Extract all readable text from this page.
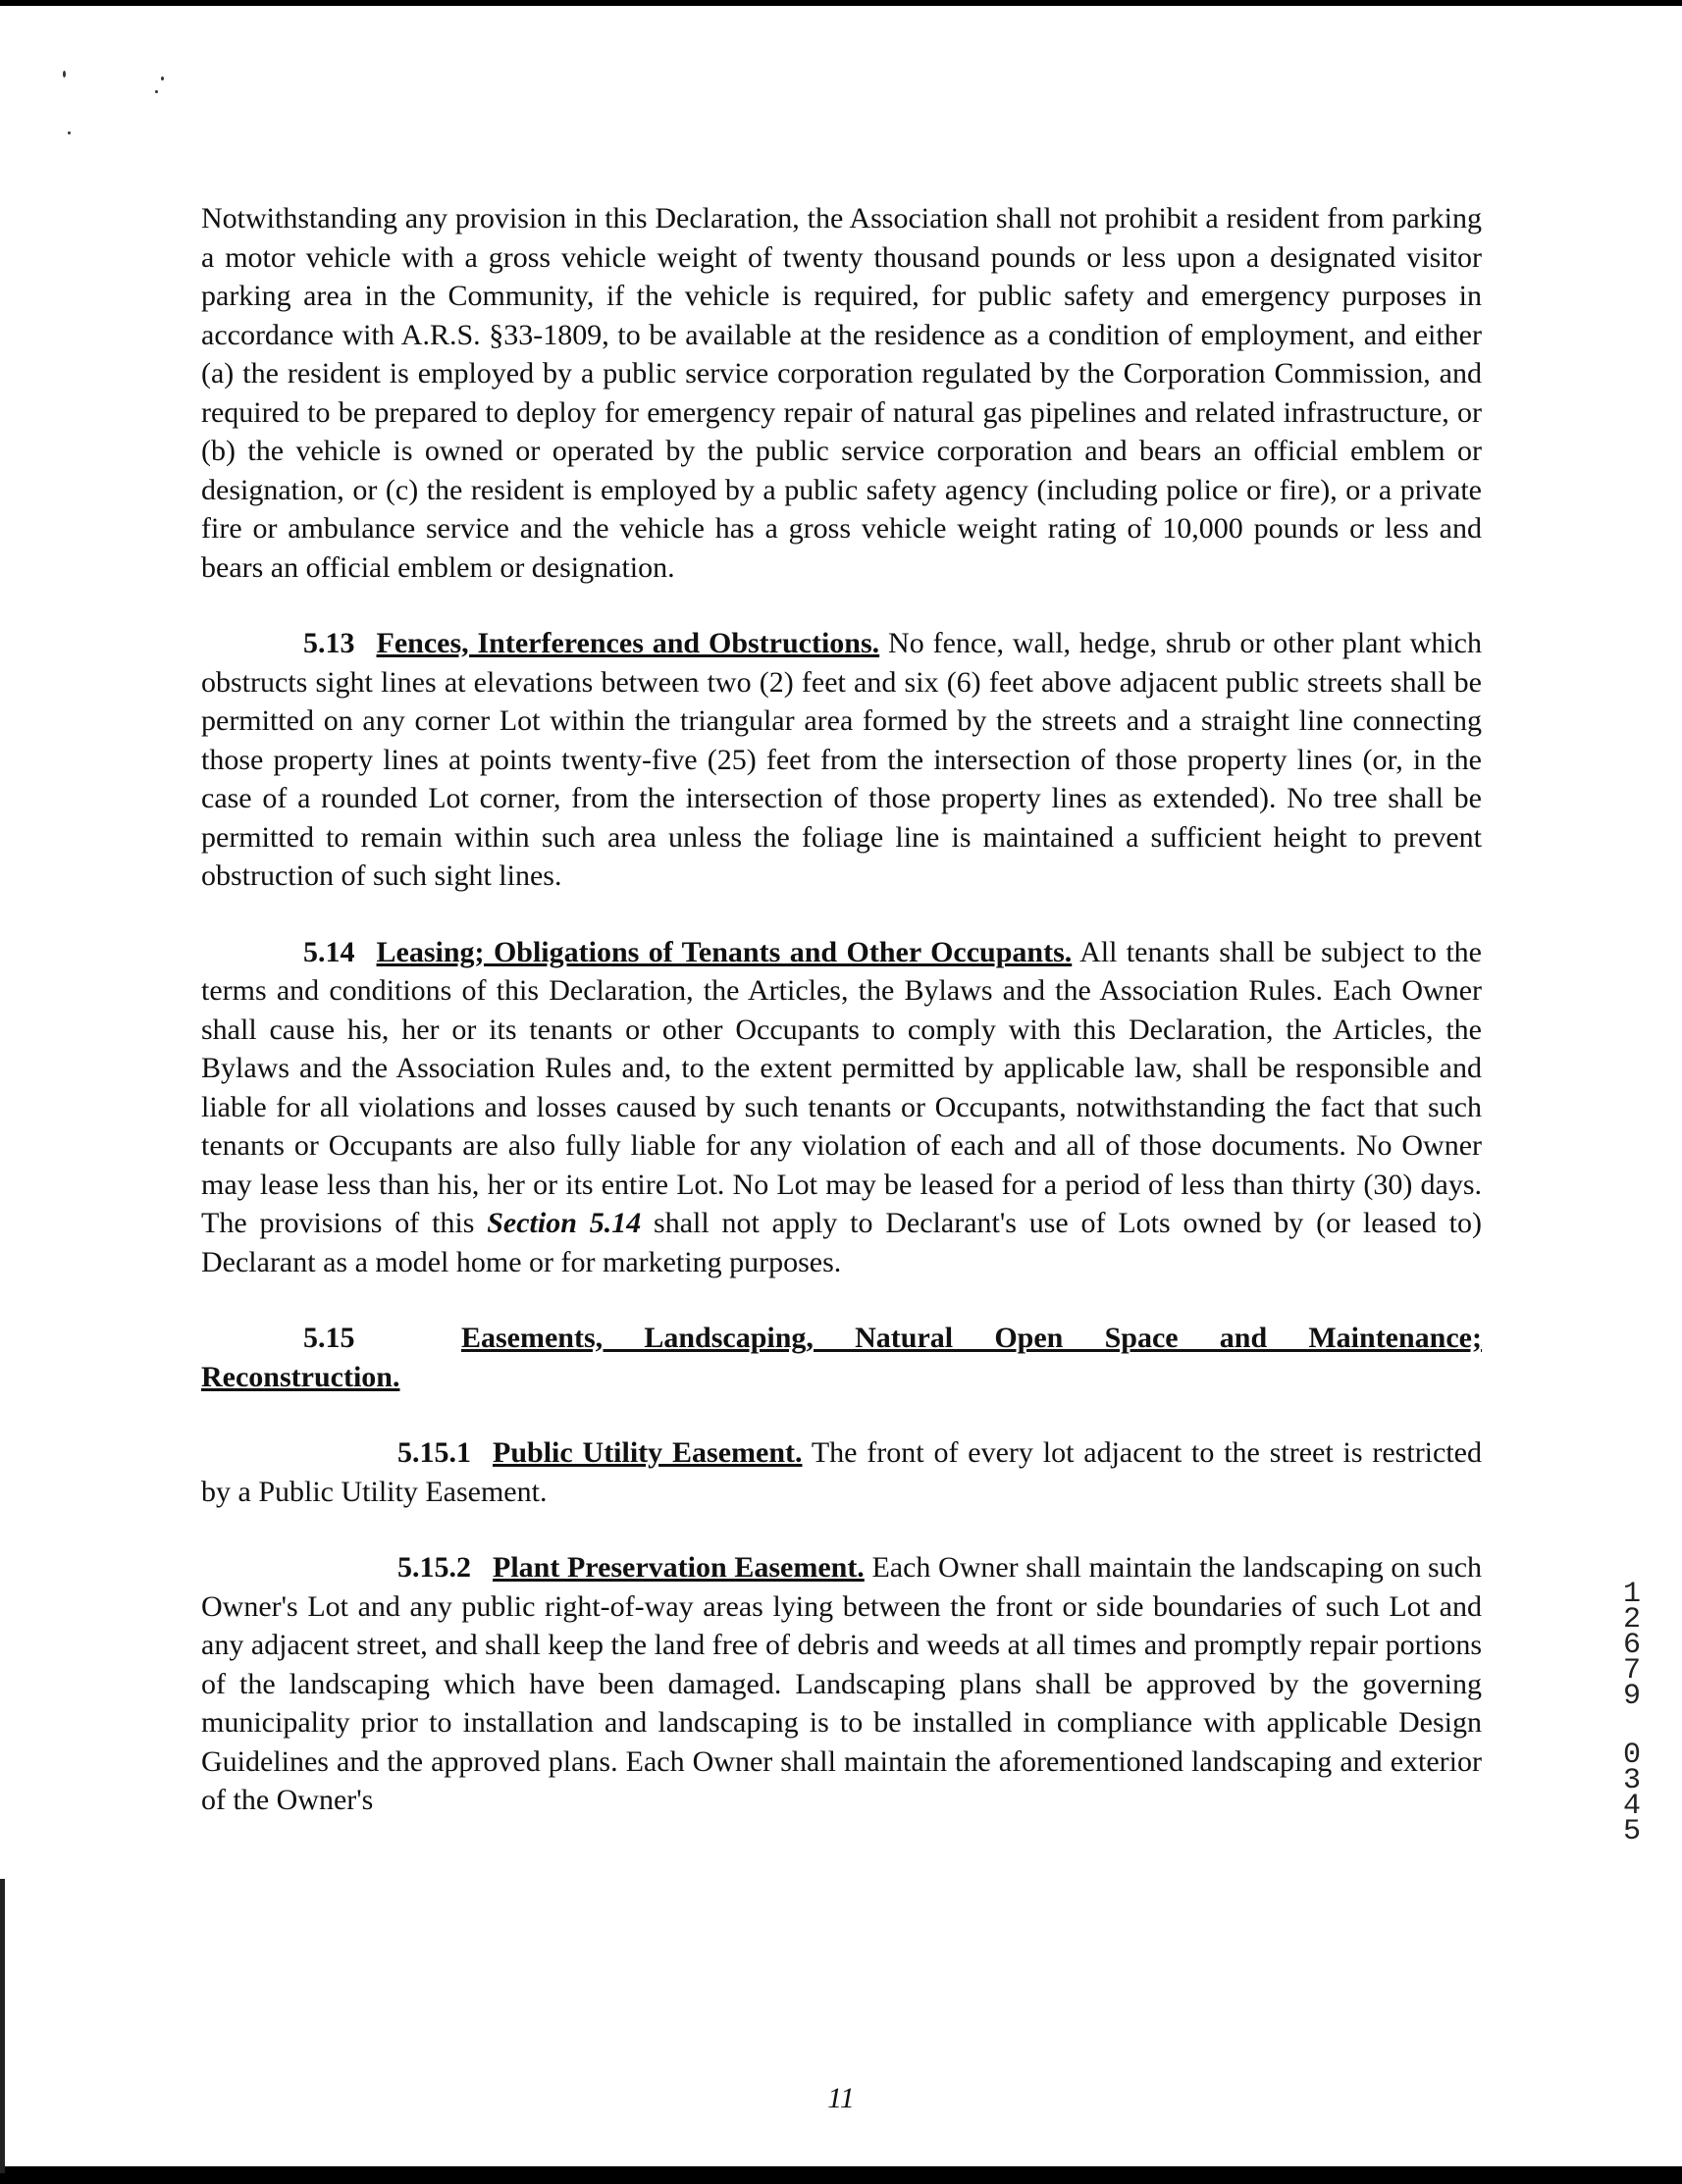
Notwithstanding any provision in this Declaration, the Association shall not prohibit a resident from parking a motor vehicle with a gross vehicle weight of twenty thousand pounds or less upon a designated visitor parking area in the Community, if the vehicle is required, for public safety and emergency purposes in accordance with A.R.S. §33-1809, to be available at the residence as a condition of employment, and either (a) the resident is employed by a public service corporation regulated by the Corporation Commission, and required to be prepared to deploy for emergency repair of natural gas pipelines and related infrastructure, or (b) the vehicle is owned or operated by the public service corporation and bears an official emblem or designation, or (c) the resident is employed by a public safety agency (including police or fire), or a private fire or ambulance service and the vehicle has a gross vehicle weight rating of 10,000 pounds or less and bears an official emblem or designation.

5.13 Fences, Interferences and Obstructions. No fence, wall, hedge, shrub or other plant which obstructs sight lines at elevations between two (2) feet and six (6) feet above adjacent public streets shall be permitted on any corner Lot within the triangular area formed by the streets and a straight line connecting those property lines at points twenty-five (25) feet from the intersection of those property lines (or, in the case of a rounded Lot corner, from the intersection of those property lines as extended). No tree shall be permitted to remain within such area unless the foliage line is maintained a sufficient height to prevent obstruction of such sight lines.

5.14 Leasing; Obligations of Tenants and Other Occupants. All tenants shall be subject to the terms and conditions of this Declaration, the Articles, the Bylaws and the Association Rules. Each Owner shall cause his, her or its tenants or other Occupants to comply with this Declaration, the Articles, the Bylaws and the Association Rules and, to the extent permitted by applicable law, shall be responsible and liable for all violations and losses caused by such tenants or Occupants, notwithstanding the fact that such tenants or Occupants are also fully liable for any violation of each and all of those documents. No Owner may lease less than his, her or its entire Lot. No Lot may be leased for a period of less than thirty (30) days. The provisions of this Section 5.14 shall not apply to Declarant's use of Lots owned by (or leased to) Declarant as a model home or for marketing purposes.

5.15	Easements, Landscaping, Natural Open Space and Maintenance; Reconstruction.

5.15.1 Public Utility Easement. The front of every lot adjacent to the street is restricted by a Public Utility Easement.

5.15.2 Plant Preservation Easement. Each Owner shall maintain the landscaping on such Owner's Lot and any public right-of-way areas lying between the front or side boundaries of such Lot and any adjacent street, and shall keep the land free of debris and weeds at all times and promptly repair portions of the landscaping which have been damaged. Landscaping plans shall be approved by the governing municipality prior to installation and landscaping is to be installed in compliance with applicable Design Guidelines and the approved plans. Each Owner shall maintain the aforementioned landscaping and exterior of the Owner's

12679
0345
11
